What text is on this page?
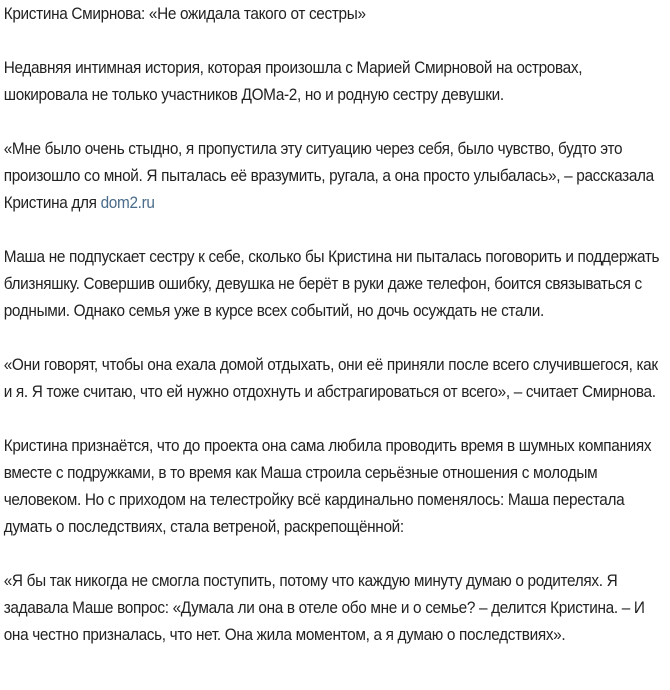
Кристина Смирнова: «Не ожидала такого от сестры»

Недавняя интимная история, которая произошла с Марией Смирновой на островах, шокировала не только участников ДОМа-2, но и родную сестру девушки.

«Мне было очень стыдно, я пропустила эту ситуацию через себя, было чувство, будто это произошло со мной. Я пыталась её вразумить, ругала, а она просто улыбалась», – рассказала Кристина для dom2.ru

Маша не подпускает сестру к себе, сколько бы Кристина ни пыталась поговорить и поддержать близняшку. Совершив ошибку, девушка не берёт в руки даже телефон, боится связываться с родными. Однако семья уже в курсе всех событий, но дочь осуждать не стали.

«Они говорят, чтобы она ехала домой отдыхать, они её приняли после всего случившегося, как и я. Я тоже считаю, что ей нужно отдохнуть и абстрагироваться от всего», – считает Смирнова.

Кристина признаётся, что до проекта она сама любила проводить время в шумных компаниях вместе с подружками, в то время как Маша строила серьёзные отношения с молодым человеком. Но с приходом на телестройку всё кардинально поменялось: Маша перестала думать о последствиях, стала ветреной, раскрепощённой:

«Я бы так никогда не смогла поступить, потому что каждую минуту думаю о родителях. Я задавала Маше вопрос: «Думала ли она в отеле обо мне и о семье? – делится Кристина. – И она честно призналась, что нет. Она жила моментом, а я думаю о последствиях».
